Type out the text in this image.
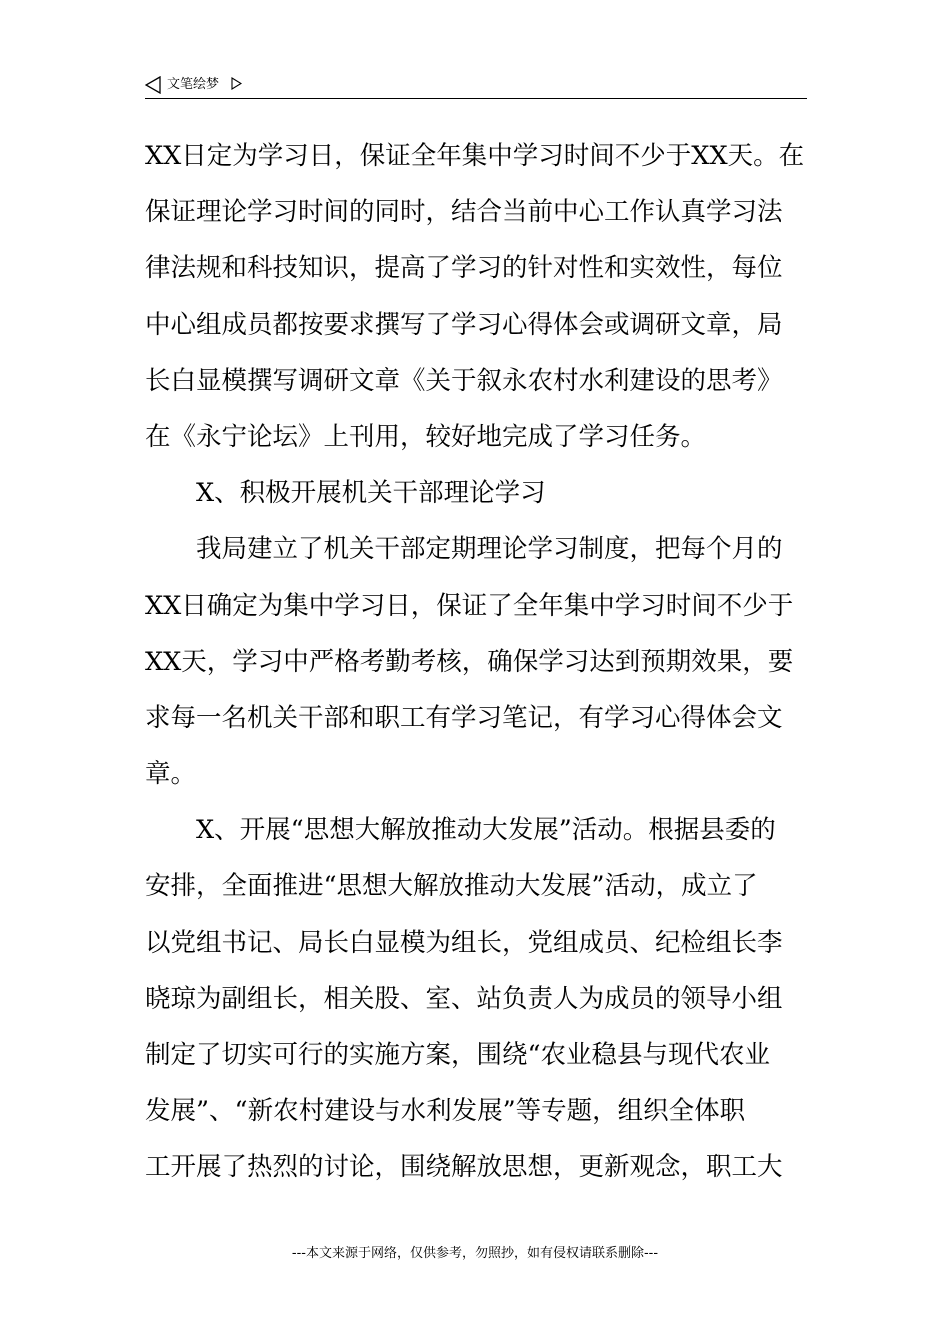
文笔绘梦
XX日定为学习日，保证全年集中学习时间不少于XX天。在
保证理论学习时间的同时，结合当前中心工作认真学习法
律法规和科技知识，提高了学习的针对性和实效性，每位
中心组成员都按要求撰写了学习心得体会或调研文章，局
长白显模撰写调研文章《关于叙永农村水利建设的思考》
在《永宁论坛》上刊用，较好地完成了学习任务。
X、积极开展机关干部理论学习
我局建立了机关干部定期理论学习制度，把每个月的
XX日确定为集中学习日，保证了全年集中学习时间不少于
XX天，学习中严格考勤考核，确保学习达到预期效果，要
求每一名机关干部和职工有学习笔记，有学习心得体会文
章。
X、开展“思想大解放推动大发展”活动。根据县委的
安排，全面推进“思想大解放推动大发展”活动，成立了
以党组书记、局长白显模为组长，党组成员、纪检组长李
晓琼为副组长，相关股、室、站负责人为成员的领导小组
制定了切实可行的实施方案，围绕“农业稳县与现代农业
发展”、“新农村建设与水利发展”等专题，组织全体职
工开展了热烈的讨论，围绕解放思想，更新观念，职工大
---本文来源于网络，仅供参考，勿照抄，如有侵权请联系删除---
